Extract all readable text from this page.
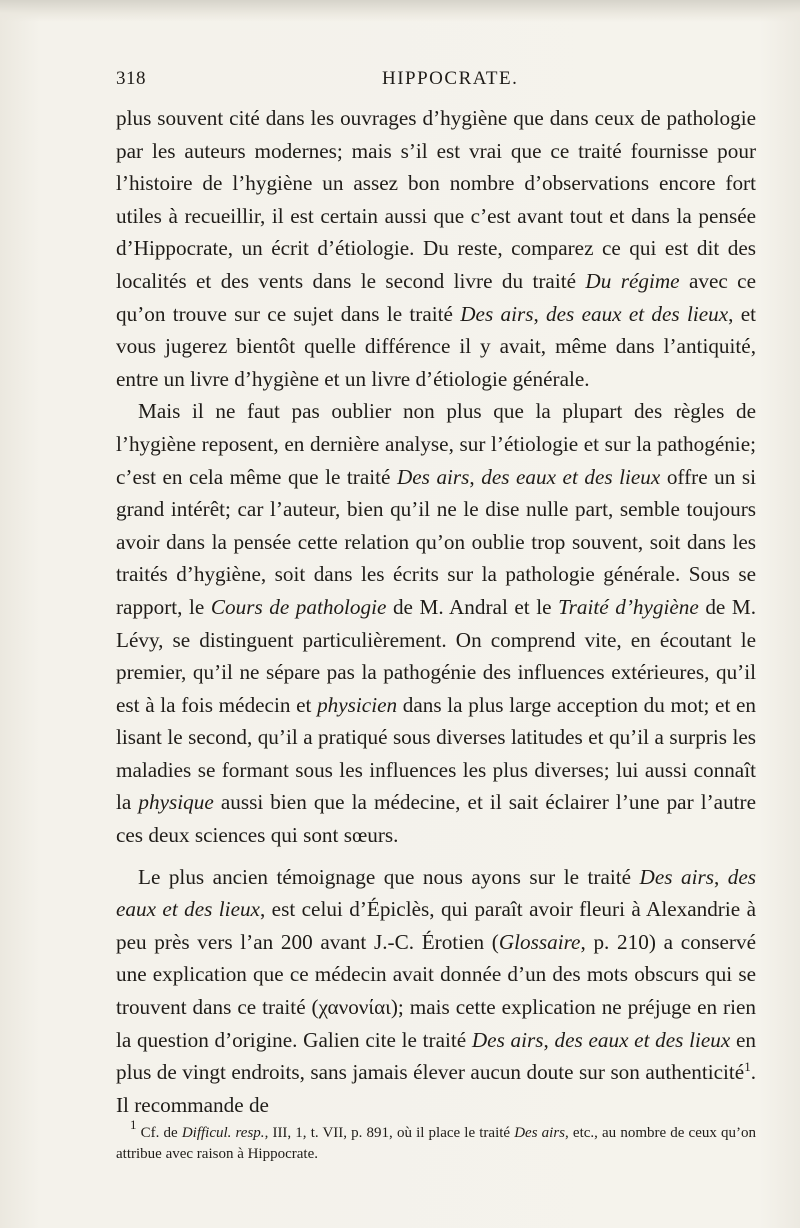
318	HIPPOCRATE.

plus souvent cité dans les ouvrages d’hygiène que dans ceux de pathologie par les auteurs modernes; mais s’il est vrai que ce traité fournisse pour l’histoire de l’hygiène un assez bon nombre d’observations encore fort utiles à recueillir, il est certain aussi que c’est avant tout et dans la pensée d’Hippocrate, un écrit d’étiologie. Du reste, comparez ce qui est dit des localités et des vents dans le second livre du traité Du régime avec ce qu’on trouve sur ce sujet dans le traité Des airs, des eaux et des lieux, et vous jugerez bientôt quelle différence il y avait, même dans l’antiquité, entre un livre d’hygiène et un livre d’étiologie générale.

Mais il ne faut pas oublier non plus que la plupart des règles de l’hygiène reposent, en dernière analyse, sur l’étiologie et sur la pathogénie; c’est en cela même que le traité Des airs, des eaux et des lieux offre un si grand intérêt; car l’auteur, bien qu’il ne le dise nulle part, semble toujours avoir dans la pensée cette relation qu’on oublie trop souvent, soit dans les traités d’hygiène, soit dans les écrits sur la pathologie générale. Sous se rapport, le Cours de pathologie de M. Andral et le Traité d’hygiène de M. Lévy, se distinguent particulièrement. On comprend vite, en écoutant le premier, qu’il ne sépare pas la pathogénie des influences extérieures, qu’il est à la fois médecin et physicien dans la plus large acception du mot; et en lisant le second, qu’il a pratiqué sous diverses latitudes et qu’il a surpris les maladies se formant sous les influences les plus diverses; lui aussi connaît la physique aussi bien que la médecine, et il sait éclairer l’une par l’autre ces deux sciences qui sont sœurs.

Le plus ancien témoignage que nous ayons sur le traité Des airs, des eaux et des lieux, est celui d’Épiclès, qui paraît avoir fleuri à Alexandrie à peu près vers l’an 200 avant J.-C. Érotien (Glossaire, p. 210) a conservé une explication que ce médecin avait donnée d’un des mots obscurs qui se trouvent dans ce traité (χανονίαι); mais cette explication ne préjuge en rien la question d’origine. Galien cite le traité Des airs, des eaux et des lieux en plus de vingt endroits, sans jamais élever aucun doute sur son authenticité$^1$. Il recommande de

$^1$ Cf. de Difficul. resp., III, 1, t. VII, p. 891, où il place le traité Des airs, etc., au nombre de ceux qu’on attribue avec raison à Hippocrate.
